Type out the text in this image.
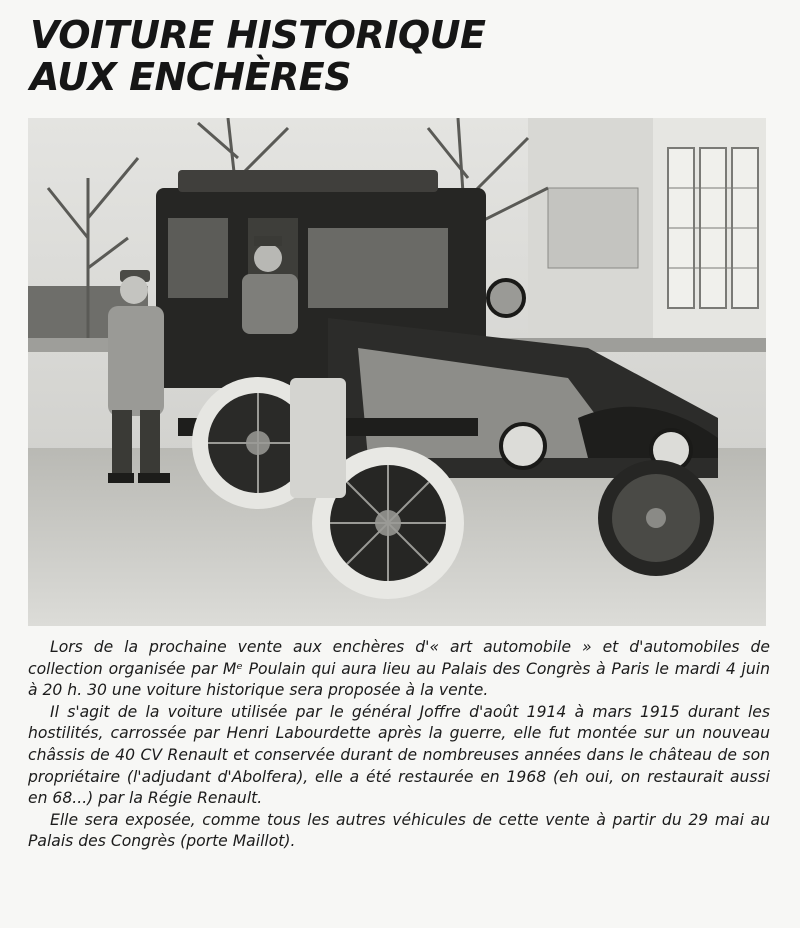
VOITURE HISTORIQUE
AUX ENCHÈRES

Lors de la prochaine vente aux enchères d'« art automobile » et d'automobiles de collection organisée par Mᵉ Poulain qui aura lieu au Palais des Congrès à Paris le mardi 4 juin à 20 h. 30 une voiture historique sera proposée à la vente.

Il s'agit de la voiture utilisée par le général Joffre d'août 1914 à mars 1915 durant les hostilités, carrossée par Henri Labourdette après la guerre, elle fut montée sur un nouveau châssis de 40 CV Renault et conservée durant de nombreuses années dans le château de son propriétaire (l'adjudant d'Abolfera), elle a été restaurée en 1968 (eh oui, on restaurait aussi en 68...) par la Régie Renault.

Elle sera exposée, comme tous les autres véhicules de cette vente à partir du 29 mai au Palais des Congrès (porte Maillot).
